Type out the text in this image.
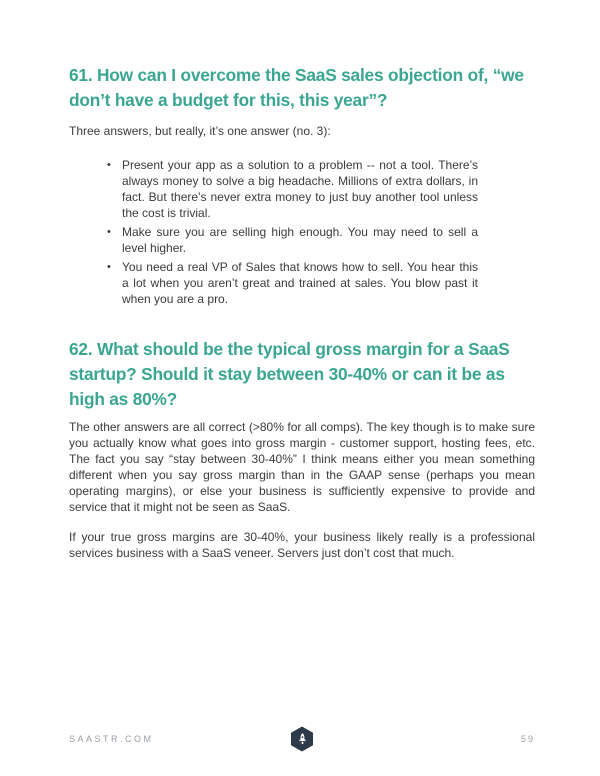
61. How can I overcome the SaaS sales objection of, “we don’t have a budget for this, this year”?

Three answers, but really, it’s one answer (no. 3):

• Present your app as a solution to a problem -- not a tool. There’s always money to solve a big headache. Millions of extra dollars, in fact. But there’s never extra money to just buy another tool unless the cost is trivial.
• Make sure you are selling high enough. You may need to sell a level higher.
• You need a real VP of Sales that knows how to sell. You hear this a lot when you aren’t great and trained at sales. You blow past it when you are a pro.
62. What should be the typical gross margin for a SaaS startup? Should it stay between 30-40% or can it be as high as 80%?

The other answers are all correct (>80% for all comps). The key though is to make sure you actually know what goes into gross margin - customer support, hosting fees, etc. The fact you say “stay between 30-40%” I think means either you mean something different when you say gross margin than in the GAAP sense (perhaps you mean operating margins), or else your business is sufficiently expensive to provide and service that it might not be seen as SaaS.

If your true gross margins are 30-40%, your business likely really is a professional services business with a SaaS veneer. Servers just don’t cost that much.

SAASTR.COM	59
